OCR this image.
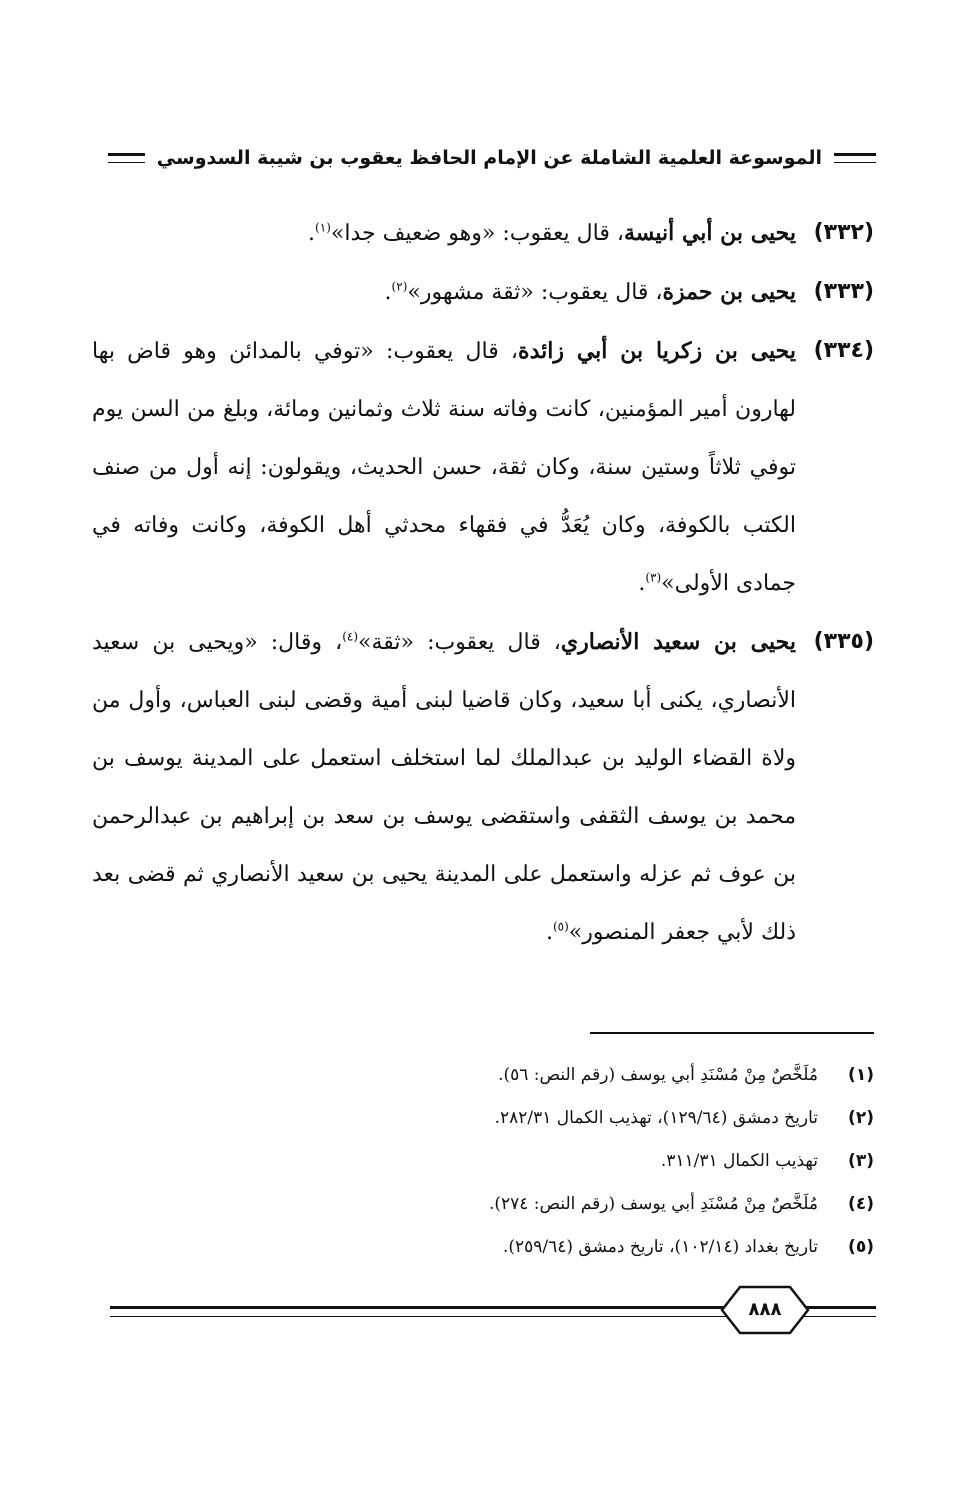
الموسوعة العلمية الشاملة عن الإمام الحافظ يعقوب بن شيبة السدوسي
(٣٣٢)
يحيى بن أبي أنيسة، قال يعقوب: «وهو ضعيف جدا»$^{(١)}$.
(٣٣٣)
يحيى بن حمزة، قال يعقوب: «ثقة مشهور»$^{(٢)}$.
(٣٣٤)
يحيى بن زكريا بن أبي زائدة، قال يعقوب: «توفي بالمدائن وهو قاض بها لهارون أمير المؤمنين، كانت وفاته سنة ثلاث وثمانين ومائة، وبلغ من السن يوم توفي ثلاثاً وستين سنة، وكان ثقة، حسن الحديث، ويقولون: إنه أول من صنف الكتب بالكوفة، وكان يُعَدُّ في فقهاء محدثي أهل الكوفة، وكانت وفاته في جمادى الأولى»$^{(٣)}$.
(٣٣٥)
يحيى بن سعيد الأنصاري، قال يعقوب: «ثقة»$^{(٤)}$، وقال: «ويحيى بن سعيد الأنصاري، يكنى أبا سعيد، وكان قاضيا لبنى أمية وقضى لبنى العباس، وأول من ولاة القضاء الوليد بن عبدالملك لما استخلف استعمل على المدينة يوسف بن محمد بن يوسف الثقفى واستقضى يوسف بن سعد بن إبراهيم بن عبدالرحمن بن عوف ثم عزله واستعمل على المدينة يحيى بن سعيد الأنصاري ثم قضى بعد ذلك لأبي جعفر المنصور»$^{(٥)}$.
(١)
مُلَخَّصٌ مِنْ مُسْنَدِ أبي يوسف (رقم النص: ٥٦).
(٢)
تاريخ دمشق (١٢٩/٦٤)، تهذيب الكمال ٢٨٢/٣١.
(٣)
تهذيب الكمال ٣١١/٣١.
(٤)
مُلَخَّصٌ مِنْ مُسْنَدِ أبي يوسف (رقم النص: ٢٧٤).
(٥)
تاريخ بغداد (١٠٢/١٤)، تاريخ دمشق (٢٥٩/٦٤).
٨٨٨
